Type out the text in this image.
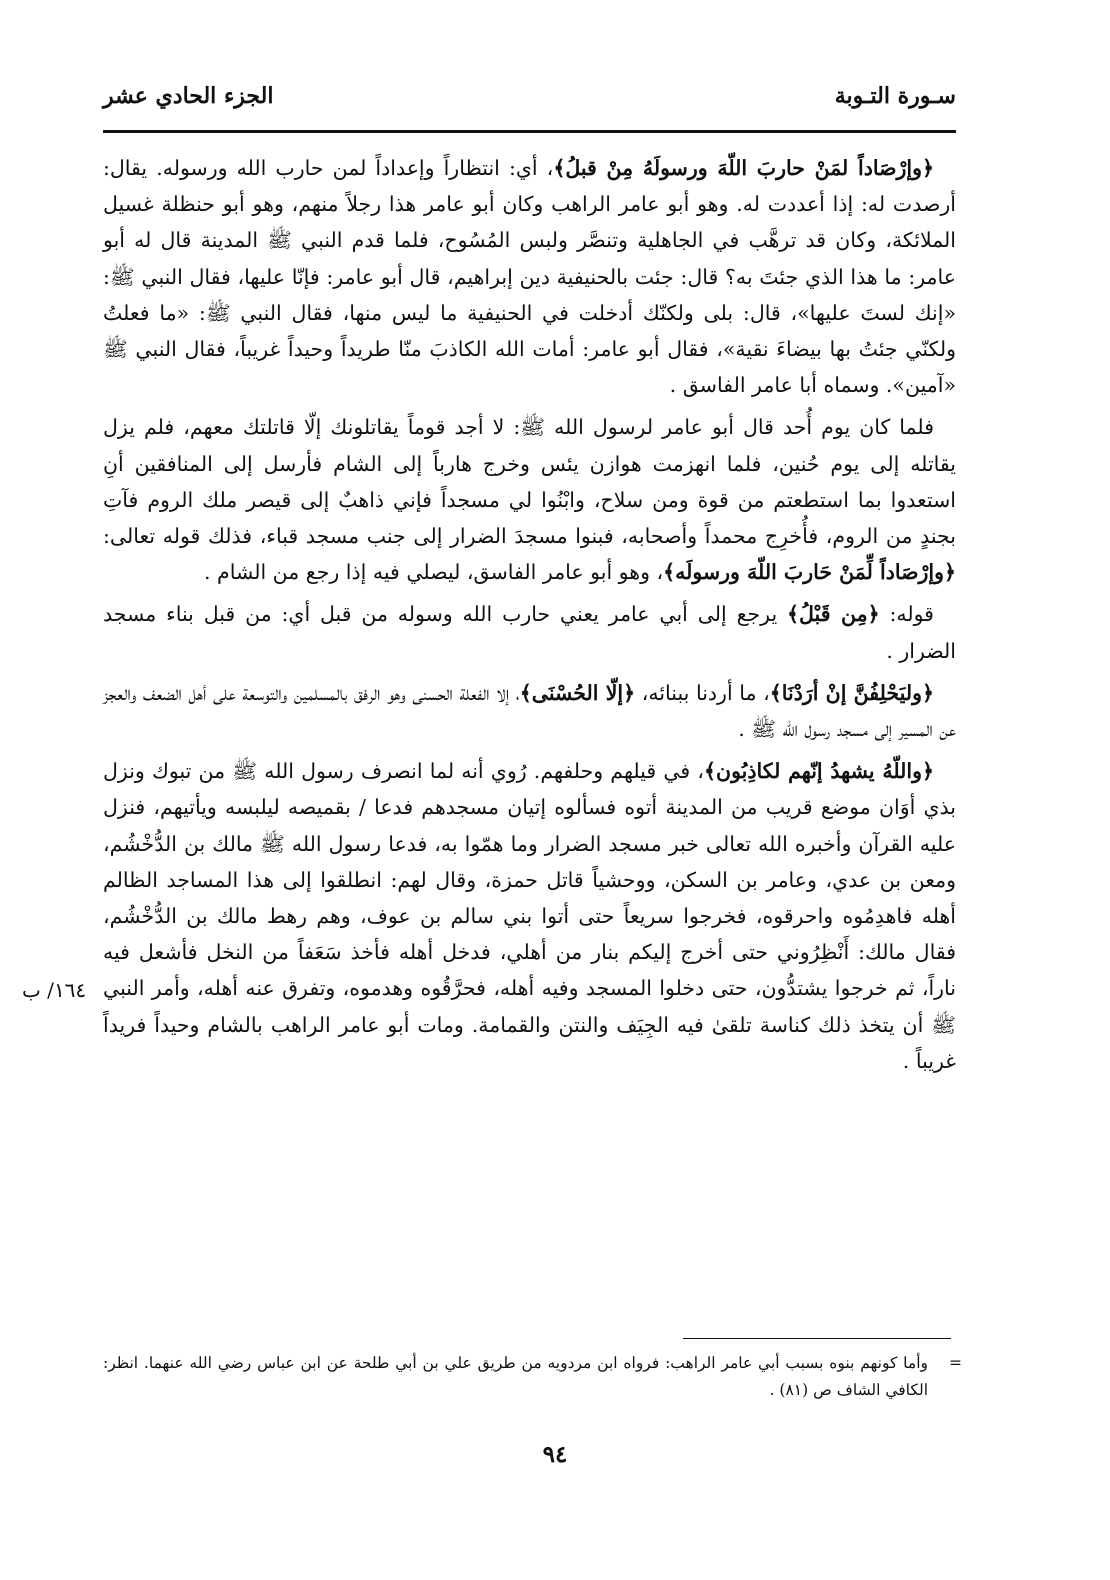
سـورة التـوبة
الجزء الحادي عشر

﴿وإرْصَاداً لمَنْ حاربَ اللّهَ ورسولَهُ مِنْ قبلُ﴾، أي: انتظاراً وإعداداً لمن حارب الله ورسوله. يقال: أرصدت له: إذا أعددت له. وهو أبو عامر الراهب وكان أبو عامر هذا رجلاً منهم، وهو أبو حنظلة غسيل الملائكة، وكان قد ترهَّب في الجاهلية وتنصَّر ولبس المُسُوح، فلما قدم النبي ﷺ المدينة قال له أبو عامر: ما هذا الذي جئتَ به؟ قال: جئت بالحنيفية دين إبراهيم، قال أبو عامر: فإنّا عليها، فقال النبي ﷺ: «إنك لستَ عليها»، قال: بلى ولكنّك أدخلت في الحنيفية ما ليس منها، فقال النبي ﷺ: «ما فعلتُ ولكنّي جئتُ بها بيضاءَ نقية»، فقال أبو عامر: أمات الله الكاذبَ منّا طريداً وحيداً غريباً، فقال النبي ﷺ «آمين». وسماه أبا عامر الفاسق .

فلما كان يوم أُحد قال أبو عامر لرسول الله ﷺ: لا أجد قوماً يقاتلونك إلّا قاتلتك معهم، فلم يزل يقاتله إلى يوم حُنين، فلما انهزمت هوازن يئس وخرج هارباً إلى الشام فأرسل إلى المنافقين أنِ استعدوا بما استطعتم من قوة ومن سلاح، وابْنُوا لي مسجداً فإني ذاهبٌ إلى قيصر ملك الروم فآتِ بجندٍ من الروم، فأُخرِج محمداً وأصحابه، فبنوا مسجدَ الضرار إلى جنب مسجد قباء، فذلك قوله تعالى: ﴿وإرْصَاداً لِّمَنْ حَاربَ اللّهَ ورسولَه﴾، وهو أبو عامر الفاسق، ليصلي فيه إذا رجع من الشام .

قوله: ﴿مِن قَبْلُ﴾ يرجع إلى أبي عامر يعني حارب الله وسوله من قبل أي: من قبل بناء مسجد الضرار .

﴿وليَحْلِفُنَّ إنْ أرَدْنَا﴾، ما أردنا ببنائه، ﴿إلّا الحُسْنَى﴾، إلا الفعلة الحسنى وهو الرفق بالمسلمين والتوسعة على أهل الضعف والعجز عن المسير إلى مسجد رسول الله ﷺ .

﴿واللّهُ يشهدُ إنّهم لكاذِبُون﴾، في قيلهم وحلفهم. رُوي أنه لما انصرف رسول الله ﷺ من تبوك ونزل بذي أوَان موضع قريب من المدينة أتوه فسألوه إتيان مسجدهم فدعا / بقميصه ليلبسه ويأتيهم، فنزل عليه القرآن وأخبره الله تعالى خبر مسجد الضرار وما همّوا به، فدعا رسول الله ﷺ مالك بن الدُّخْشُم، ومعن بن عدي، وعامر بن السكن، ووحشياً قاتل حمزة، وقال لهم: انطلقوا إلى هذا المساجد الظالم أهله فاهدِمُوه واحرقوه، فخرجوا سريعاً حتى أتوا بني سالم بن عوف، وهم رهط مالك بن الدُّخْشُم، فقال مالك: أَنْظِرُوني حتى أخرج إليكم بنار من أهلي، فدخل أهله فأخذ سَعَفاً من النخل فأشعل فيه ناراً، ثم خرجوا يشتدُّون، حتى دخلوا المسجد وفيه أهله، فحرَّقُوه وهدموه، وتفرق عنه أهله، وأمر النبي ﷺ أن يتخذ ذلك كناسة تلقىٰ فيه الجِيَف والنتن والقمامة. ومات أبو عامر الراهب بالشام وحيداً فريداً غريباً .

١٦٤/ ب
=
وأما كونهم بنوه بسبب أبي عامر الراهب: فرواه ابن مردويه من طريق علي بن أبي طلحة عن ابن عباس رضي الله عنهما. انظر: الكافي الشاف ص (٨١) .
٩٤
